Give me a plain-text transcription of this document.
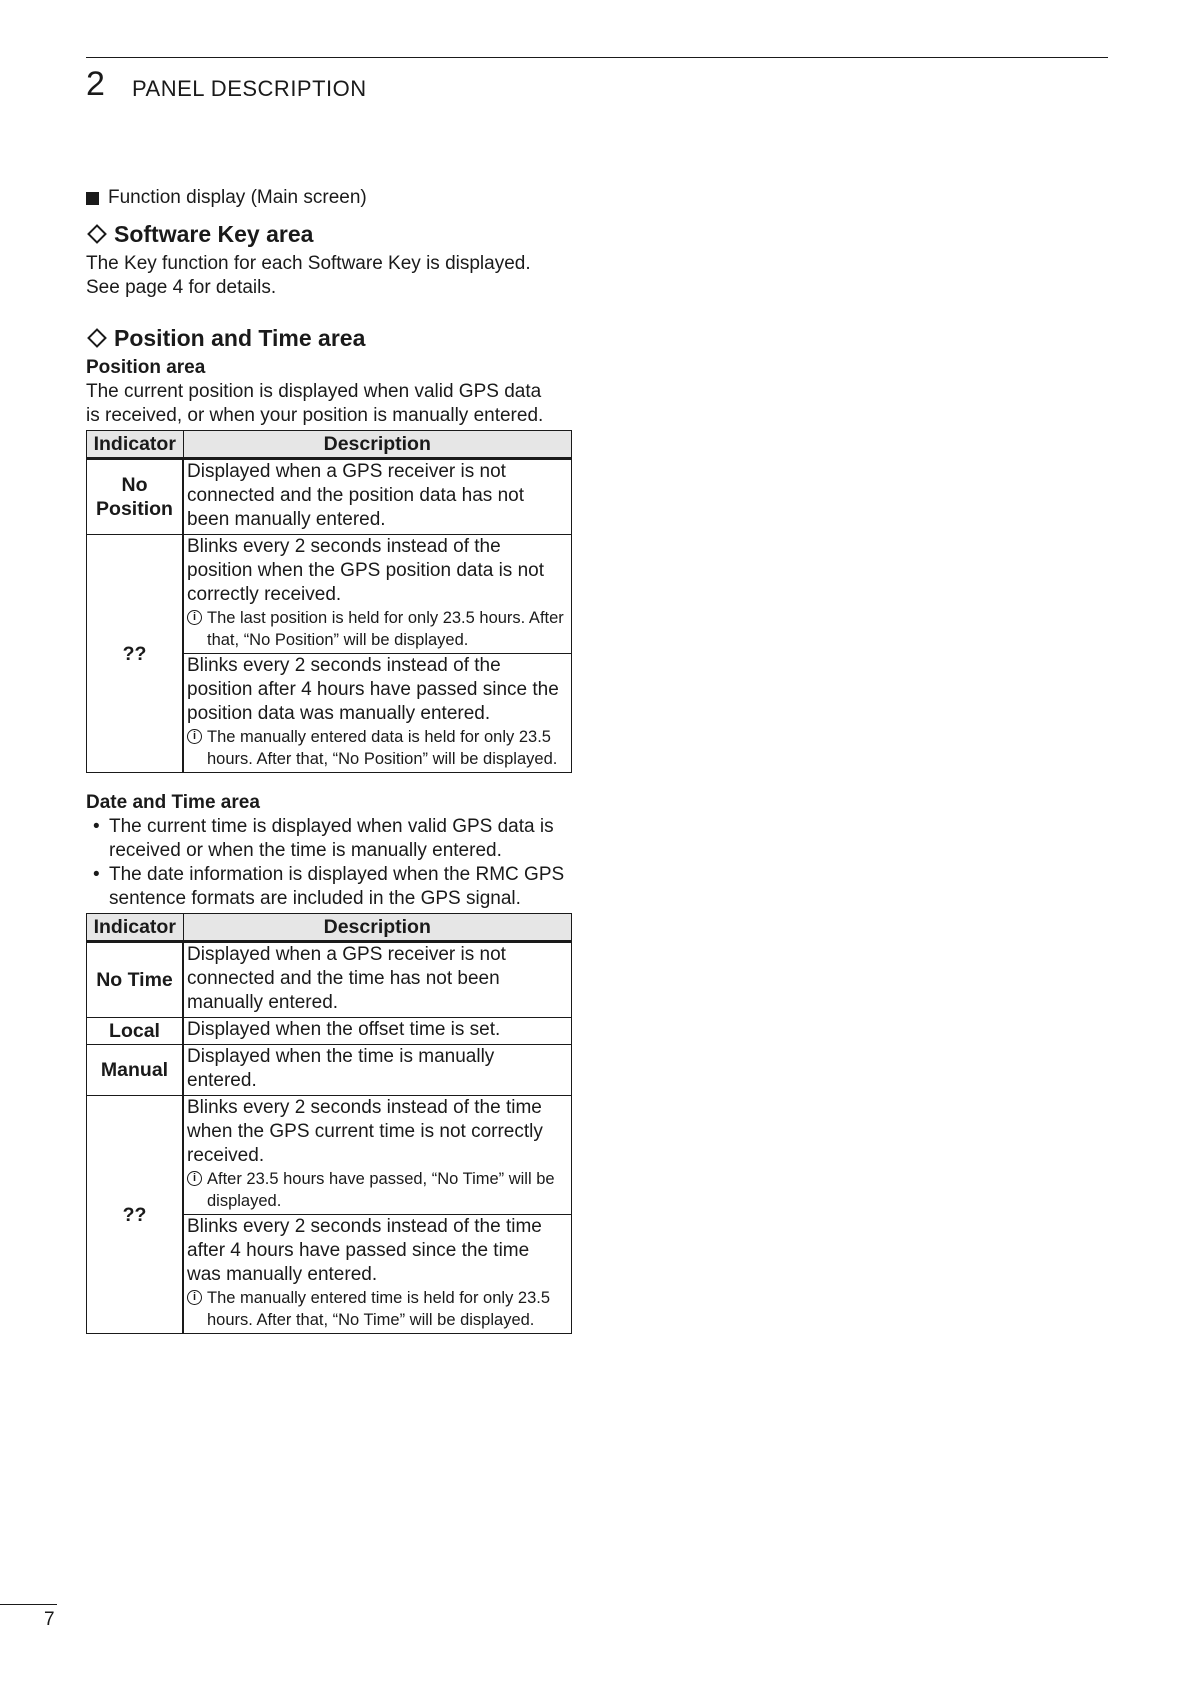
2 PANEL DESCRIPTION
Function display (Main screen)
Software Key area

The Key function for each Software Key is displayed.

See page 4 for details.

Position and Time area

Position area

The current position is displayed when valid GPS data

is received, or when your position is manually entered.

Indicator	Description
No Position	Displayed when a GPS receiver is not connected and the position data has not been manually entered.
??	Blinks every 2 seconds instead of the position when the GPS position data is not correctly received.
i The last position is held for only 23.5 hours. After that, “No Position” will be displayed.

	Blinks every 2 seconds instead of the position after 4 hours have passed since the position data was manually entered.
i The manually entered data is held for only 23.5 hours. After that, “No Position” will be displayed.

Date and Time area

• The current time is displayed when valid GPS data is received or when the time is manually entered.
• The date information is displayed when the RMC GPS sentence formats are included in the GPS signal.
Indicator	Description
No Time	Displayed when a GPS receiver is not connected and the time has not been manually entered.
Local	Displayed when the offset time is set.
Manual	Displayed when the time is manually entered.
??	Blinks every 2 seconds instead of the time when the GPS current time is not correctly received.
i After 23.5 hours have passed, “No Time” will be displayed.

	Blinks every 2 seconds instead of the time after 4 hours have passed since the time was manually entered.
i The manually entered time is held for only 23.5 hours. After that, “No Time” will be displayed.
7
